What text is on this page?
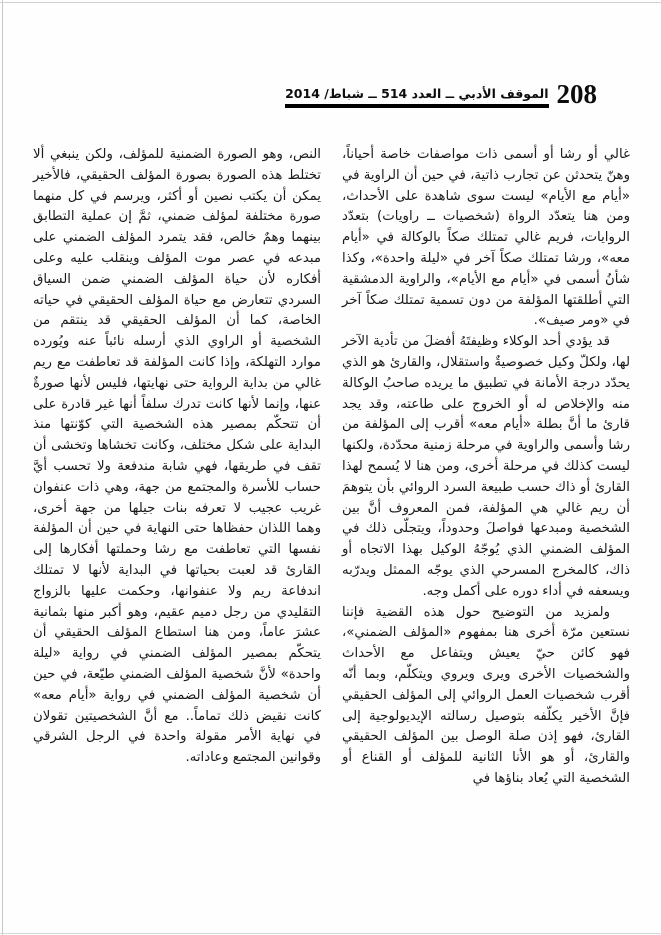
208
الموقف الأدبي ــ العدد 514 ــ شباط/ 2014

غالي أو رشا أو أسمى ذات مواصفات خاصة أحياناً، وهنّ يتحدثن عن تجارب ذاتية، في حين أن الراوية في «أيام مع الأيام» ليست سوى شاهدة على الأحداث، ومن هنا يتعدّد الرواة (شخصيات ــ راويات) بتعدّد الروايات، فريم غالي تمتلك صكاً بالوكالة في «أيام معه»، ورشا تمتلك صكاً آخر في «ليلة واحدة»، وكذا شأنُ أسمى في «أيام مع الأيام»، والراوية الدمشقية التي أطلقتها المؤلفة من دون تسمية تمتلك صكاً آخر في «ومر صيف».

قد يؤدي أحد الوكلاء وظيفتَهُ أفضلَ من تأدية الآخر لها، ولكلّ وكيل خصوصيةٌ واستقلال، والقارئ هو الذي يحدّد درجة الأمانة في تطبيق ما يريده صاحبُ الوكالة منه والإخلاص له أو الخروج على طاعته، وقد يجد قارئ ما أنَّ بطلة «أيام معه» أقرب إلى المؤلفة من رشا وأسمى والراوية في مرحلة زمنية محدّدة، ولكنها ليست كذلك في مرحلة أخرى، ومن هنا لا يُسمح لهذا القارئ أو ذاك حسب طبيعة السرد الروائي بأن يتوهمَ أن ريم غالي هي المؤلفة، فمن المعروف أنَّ بين الشخصية ومبدعها فواصلَ وحدوداً، ويتجلّى ذلك في المؤلف الضمني الذي يُوجّهُ الوكيل بهذا الاتجاه أو ذاك، كالمخرج المسرحي الذي يوجّه الممثل ويدرّبه ويسعفه في أداء دوره على أكمل وجه.

ولمزيد من التوضيح حول هذه القضية فإننا نستعين مرّة أخرى هنا بمفهوم «المؤلف الضمني»، فهو كائن حيّ يعيش ويتفاعل مع الأحداث والشخصيات الأخرى ويرى ويروي ويتكلّم، وبما أنّه أقرب شخصيات العمل الروائي إلى المؤلف الحقيقي فإنَّ الأخير يكلّفه بتوصيل رسالته الإيديولوجية إلى القارئ، فهو إذن صلة الوصل بين المؤلف الحقيقي والقارئ، أو هو الأنا الثانية للمؤلف أو القناع أو الشخصية التي يُعاد بناؤها في

النص، وهو الصورة الضمنية للمؤلف، ولكن ينبغي ألا تختلط هذه الصورة بصورة المؤلف الحقيقي، فالأخير يمكن أن يكتب نصين أو أكثر، ويرسم في كل منهما صورة مختلفة لمؤلف ضمني، ثمَّ إن عملية التطابق بينهما وهمٌ خالص، فقد يتمرد المؤلف الضمني على مبدعه في عصر موت المؤلف وينقلب عليه وعلى أفكاره لأن حياة المؤلف الضمني ضمن السياق السردي تتعارض مع حياة المؤلف الحقيقي في حياته الخاصة، كما أن المؤلف الحقيقي قد ينتقم من الشخصية أو الراوي الذي أرسله نائباً عنه ويُورده موارد التهلكة، وإذا كانت المؤلفة قد تعاطفت مع ريم غالي من بداية الرواية حتى نهايتها، فليس لأنها صورةٌ عنها، وإنما لأنها كانت تدرك سلفاً أنها غير قادرة على أن تتحكّم بمصير هذه الشخصية التي كوّنتها منذ البداية على شكل مختلف، وكانت تخشاها وتخشى أن تقف في طريقها، فهي شابة مندفعة ولا تحسب أيَّ حساب للأسرة والمجتمع من جهة، وهي ذات عنفوان غريب عجيب لا تعرفه بنات جيلها من جهة أخرى، وهما اللذان حفظاها حتى النهاية في حين أن المؤلفة نفسها التي تعاطفت مع رشا وحملتها أفكارها إلى القارئ قد لعبت بحياتها في البداية لأنها لا تمتلك اندفاعة ريم ولا عنفوانها، وحكمت عليها بالزواج التقليدي من رجل دميم عقيم، وهو أكبر منها بثمانية عشرَ عاماً، ومن هنا استطاع المؤلف الحقيقي أن يتحكّم بمصير المؤلف الضمني في رواية «ليلة واحدة» لأنَّ شخصية المؤلف الضمني طيّعة، في حين أن شخصية المؤلف الضمني في رواية «أيام معه» كانت نقيض ذلك تماماً.. مع أنَّ الشخصيتين تقولان في نهاية الأمر مقولة واحدة في الرجل الشرقي وقوانين المجتمع وعاداته.
